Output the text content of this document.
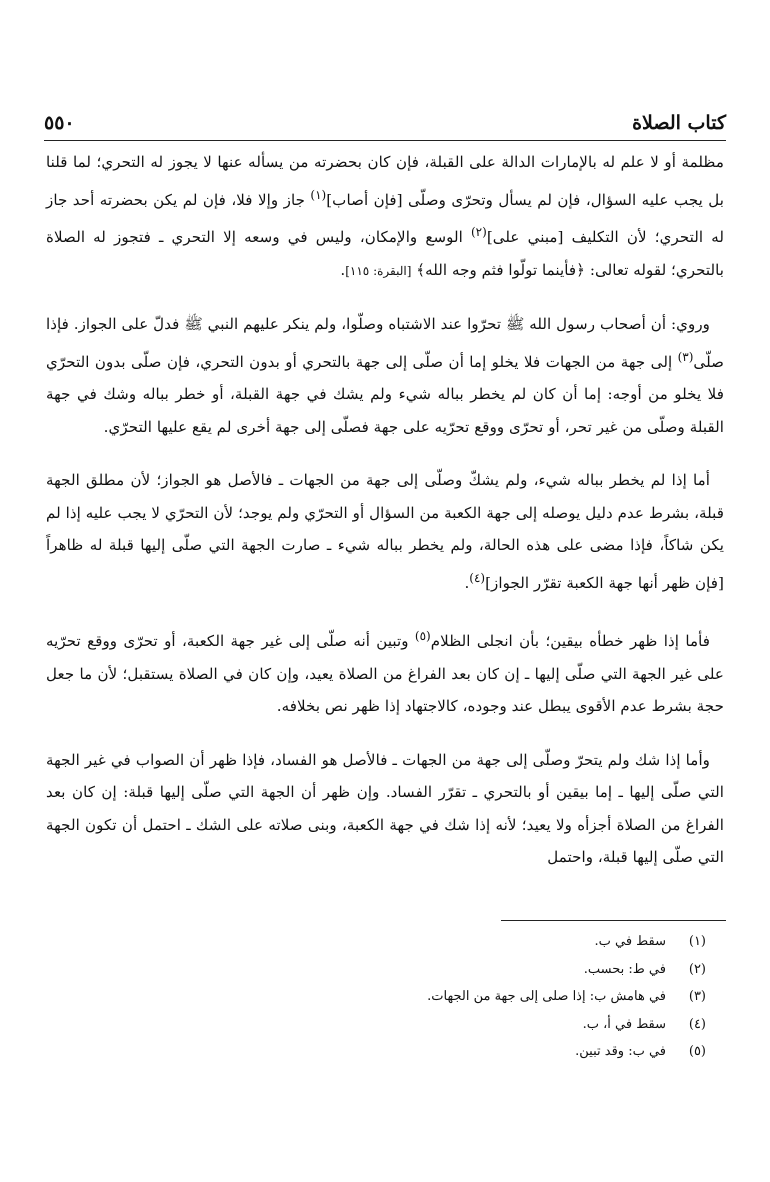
كتاب الصلاة
٥٥٠

مظلمة أو لا علم له بالإمارات الدالة على القبلة، فإن كان بحضرته من يسأله عنها لا يجوز له التحري؛ لما قلنا بل يجب عليه السؤال، فإن لم يسأل وتحرّى وصلّى [فإن أصاب]$^{(١)}$ جاز وإلا فلا، فإن لم يكن بحضرته أحد جاز له التحري؛ لأن التكليف [مبني على]$^{(٢)}$ الوسع والإمكان، وليس في وسعه إلا التحري ـ فتجوز له الصلاة بالتحري؛ لقوله تعالى: ﴿فأينما تولّوا فثم وجه الله﴾ [البقرة: ١١٥].

وروي: أن أصحاب رسول الله ﷺ تحرّوا عند الاشتباه وصلّوا، ولم ينكر عليهم النبي ﷺ فدلّ على الجواز. فإذا صلّى$^{(٣)}$ إلى جهة من الجهات فلا يخلو إما أن صلّى إلى جهة بالتحري أو بدون التحري، فإن صلّى بدون التحرّي فلا يخلو من أوجه: إما أن كان لم يخطر بباله شيء ولم يشك في جهة القبلة، أو خطر بباله وشك في جهة القبلة وصلّى من غير تحر، أو تحرّى ووقع تحرّيه على جهة فصلّى إلى جهة أخرى لم يقع عليها التحرّي.

أما إذا لم يخطر بباله شيء، ولم يشكّ وصلّى إلى جهة من الجهات ـ فالأصل هو الجواز؛ لأن مطلق الجهة قبلة، بشرط عدم دليل يوصله إلى جهة الكعبة من السؤال أو التحرّي ولم يوجد؛ لأن التحرّي لا يجب عليه إذا لم يكن شاكاً، فإذا مضى على هذه الحالة، ولم يخطر بباله شيء ـ صارت الجهة التي صلّى إليها قبلة له ظاهراً [فإن ظهر أنها جهة الكعبة تقرّر الجواز]$^{(٤)}$.

فأما إذا ظهر خطأه بيقين؛ بأن انجلى الظلام$^{(٥)}$ وتبين أنه صلّى إلى غير جهة الكعبة، أو تحرّى ووقع تحرّيه على غير الجهة التي صلّى إليها ـ إن كان بعد الفراغ من الصلاة يعيد، وإن كان في الصلاة يستقبل؛ لأن ما جعل حجة بشرط عدم الأقوى يبطل عند وجوده، كالاجتهاد إذا ظهر نص بخلافه.

وأما إذا شك ولم يتحرّ وصلّى إلى جهة من الجهات ـ فالأصل هو الفساد، فإذا ظهر أن الصواب في غير الجهة التي صلّى إليها ـ إما بيقين أو بالتحري ـ تقرّر الفساد. وإن ظهر أن الجهة التي صلّى إليها قبلة: إن كان بعد الفراغ من الصلاة أجزأه ولا يعيد؛ لأنه إذا شك في جهة الكعبة، وبنى صلاته على الشك ـ احتمل أن تكون الجهة التي صلّى إليها قبلة، واحتمل

(١)
سقط في ب.
(٢)
في ط: بحسب.
(٣)
في هامش ب: إذا صلى إلى جهة من الجهات.
(٤)
سقط في أ، ب.
(٥)
في ب: وقد تبين.
